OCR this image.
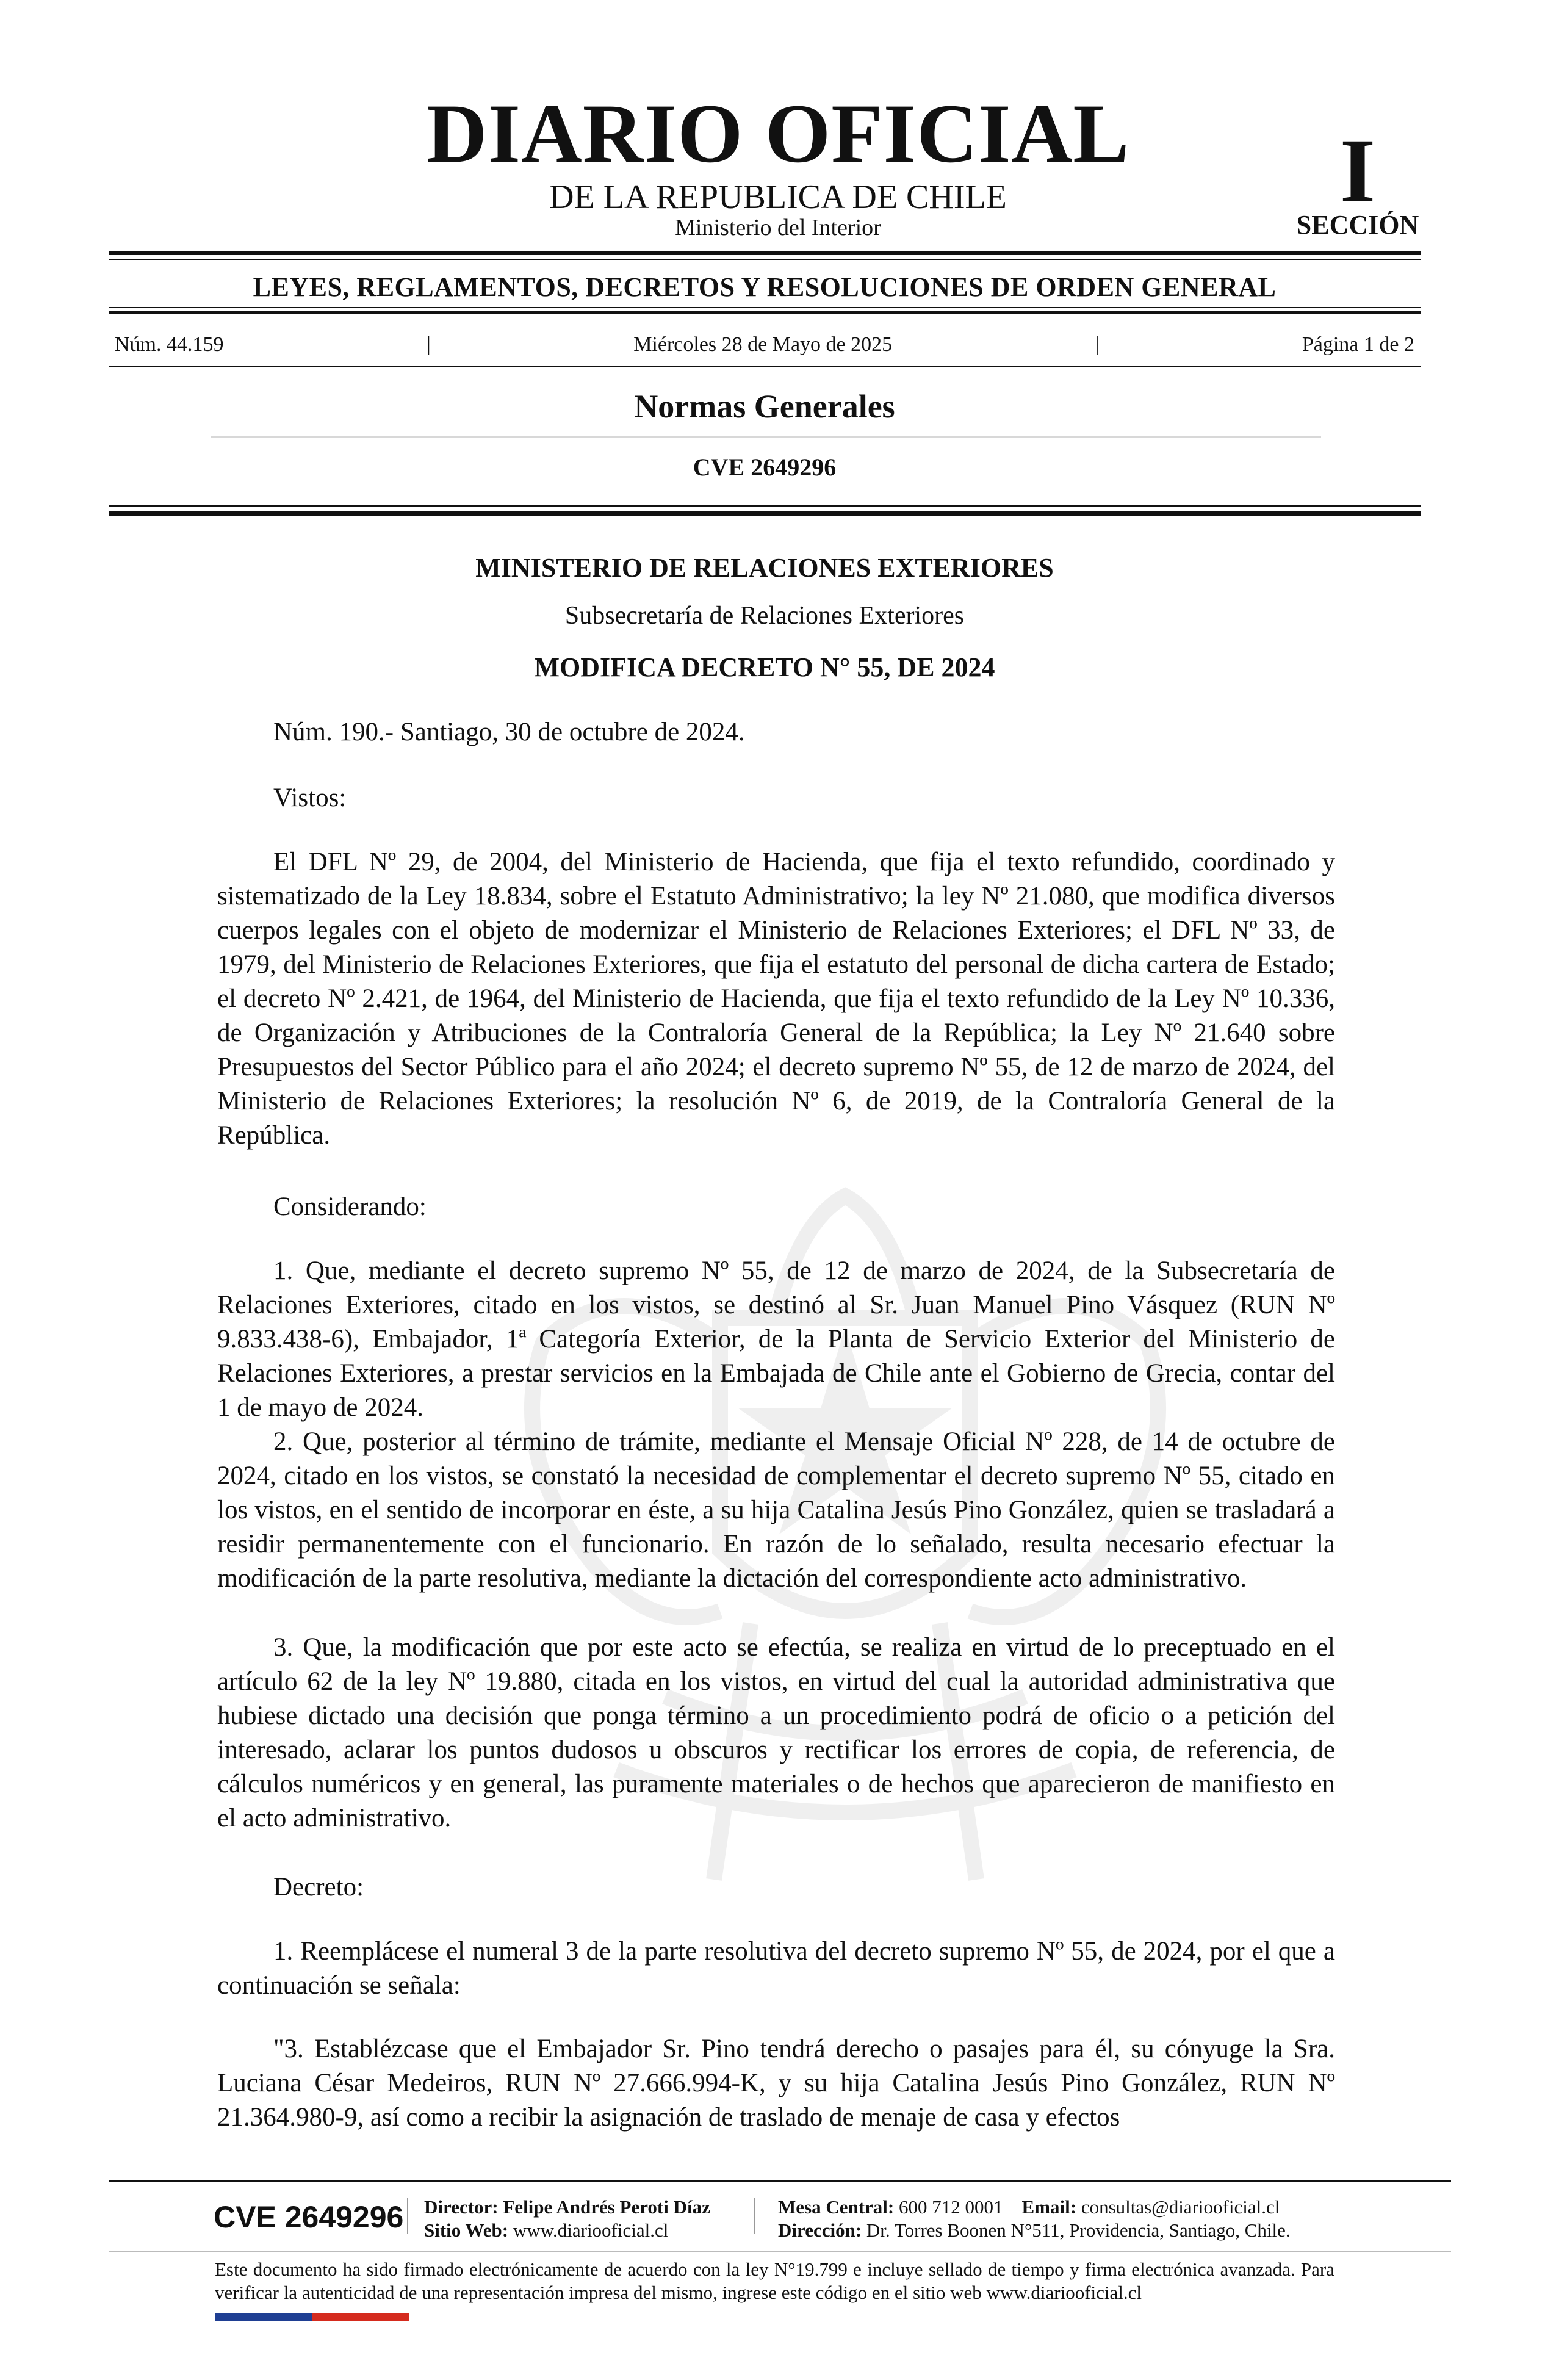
DIARIO OFICIAL
DE LA REPUBLICA DE CHILE
Ministerio del Interior
I
SECCIÓN
LEYES, REGLAMENTOS, DECRETOS Y RESOLUCIONES DE ORDEN GENERAL
Núm. 44.159	|	Miércoles 28 de Mayo de 2025	|	Página 1 de 2
Normas Generales
CVE 2649296
MINISTERIO DE RELACIONES EXTERIORES
Subsecretaría de Relaciones Exteriores
MODIFICA DECRETO N° 55, DE 2024
Núm. 190.- Santiago, 30 de octubre de 2024.
Vistos:
El DFL Nº 29, de 2004, del Ministerio de Hacienda, que fija el texto refundido, coordinado y sistematizado de la Ley 18.834, sobre el Estatuto Administrativo; la ley Nº 21.080, que modifica diversos cuerpos legales con el objeto de modernizar el Ministerio de Relaciones Exteriores; el DFL Nº 33, de 1979, del Ministerio de Relaciones Exteriores, que fija el estatuto del personal de dicha cartera de Estado; el decreto Nº 2.421, de 1964, del Ministerio de Hacienda, que fija el texto refundido de la Ley Nº 10.336, de Organización y Atribuciones de la Contraloría General de la República; la Ley Nº 21.640 sobre Presupuestos del Sector Público para el año 2024; el decreto supremo Nº 55, de 12 de marzo de 2024, del Ministerio de Relaciones Exteriores; la resolución Nº 6, de 2019, de la Contraloría General de la República.
Considerando:
1. Que, mediante el decreto supremo Nº 55, de 12 de marzo de 2024, de la Subsecretaría de Relaciones Exteriores, citado en los vistos, se destinó al Sr. Juan Manuel Pino Vásquez (RUN Nº 9.833.438-6), Embajador, 1ª Categoría Exterior, de la Planta de Servicio Exterior del Ministerio de Relaciones Exteriores, a prestar servicios en la Embajada de Chile ante el Gobierno de Grecia, contar del 1 de mayo de 2024.
2. Que, posterior al término de trámite, mediante el Mensaje Oficial Nº 228, de 14 de octubre de 2024, citado en los vistos, se constató la necesidad de complementar el decreto supremo Nº 55, citado en los vistos, en el sentido de incorporar en éste, a su hija Catalina Jesús Pino González, quien se trasladará a residir permanentemente con el funcionario. En razón de lo señalado, resulta necesario efectuar la modificación de la parte resolutiva, mediante la dictación del correspondiente acto administrativo.
3. Que, la modificación que por este acto se efectúa, se realiza en virtud de lo preceptuado en el artículo 62 de la ley Nº 19.880, citada en los vistos, en virtud del cual la autoridad administrativa que hubiese dictado una decisión que ponga término a un procedimiento podrá de oficio o a petición del interesado, aclarar los puntos dudosos u obscuros y rectificar los errores de copia, de referencia, de cálculos numéricos y en general, las puramente materiales o de hechos que aparecieron de manifiesto en el acto administrativo.
Decreto:
1. Reemplácese el numeral 3 de la parte resolutiva del decreto supremo Nº 55, de 2024, por el que a continuación se señala:
"3. Establézcase que el Embajador Sr. Pino tendrá derecho o pasajes para él, su cónyuge la Sra. Luciana César Medeiros, RUN Nº 27.666.994-K, y su hija Catalina Jesús Pino González, RUN Nº 21.364.980-9, así como a recibir la asignación de traslado de menaje de casa y efectos
CVE 2649296 Director: Felipe Andrés Peroti Díaz
Sitio Web: www.diariooficial.cl
Mesa Central: 600 712 0001 Email: consultas@diariooficial.cl
Dirección: Dr. Torres Boonen N°511, Providencia, Santiago, Chile.
Este documento ha sido firmado electrónicamente de acuerdo con la ley N°19.799 e incluye sellado de tiempo y firma electrónica avanzada. Para verificar la autenticidad de una representación impresa del mismo, ingrese este código en el sitio web www.diariooficial.cl
